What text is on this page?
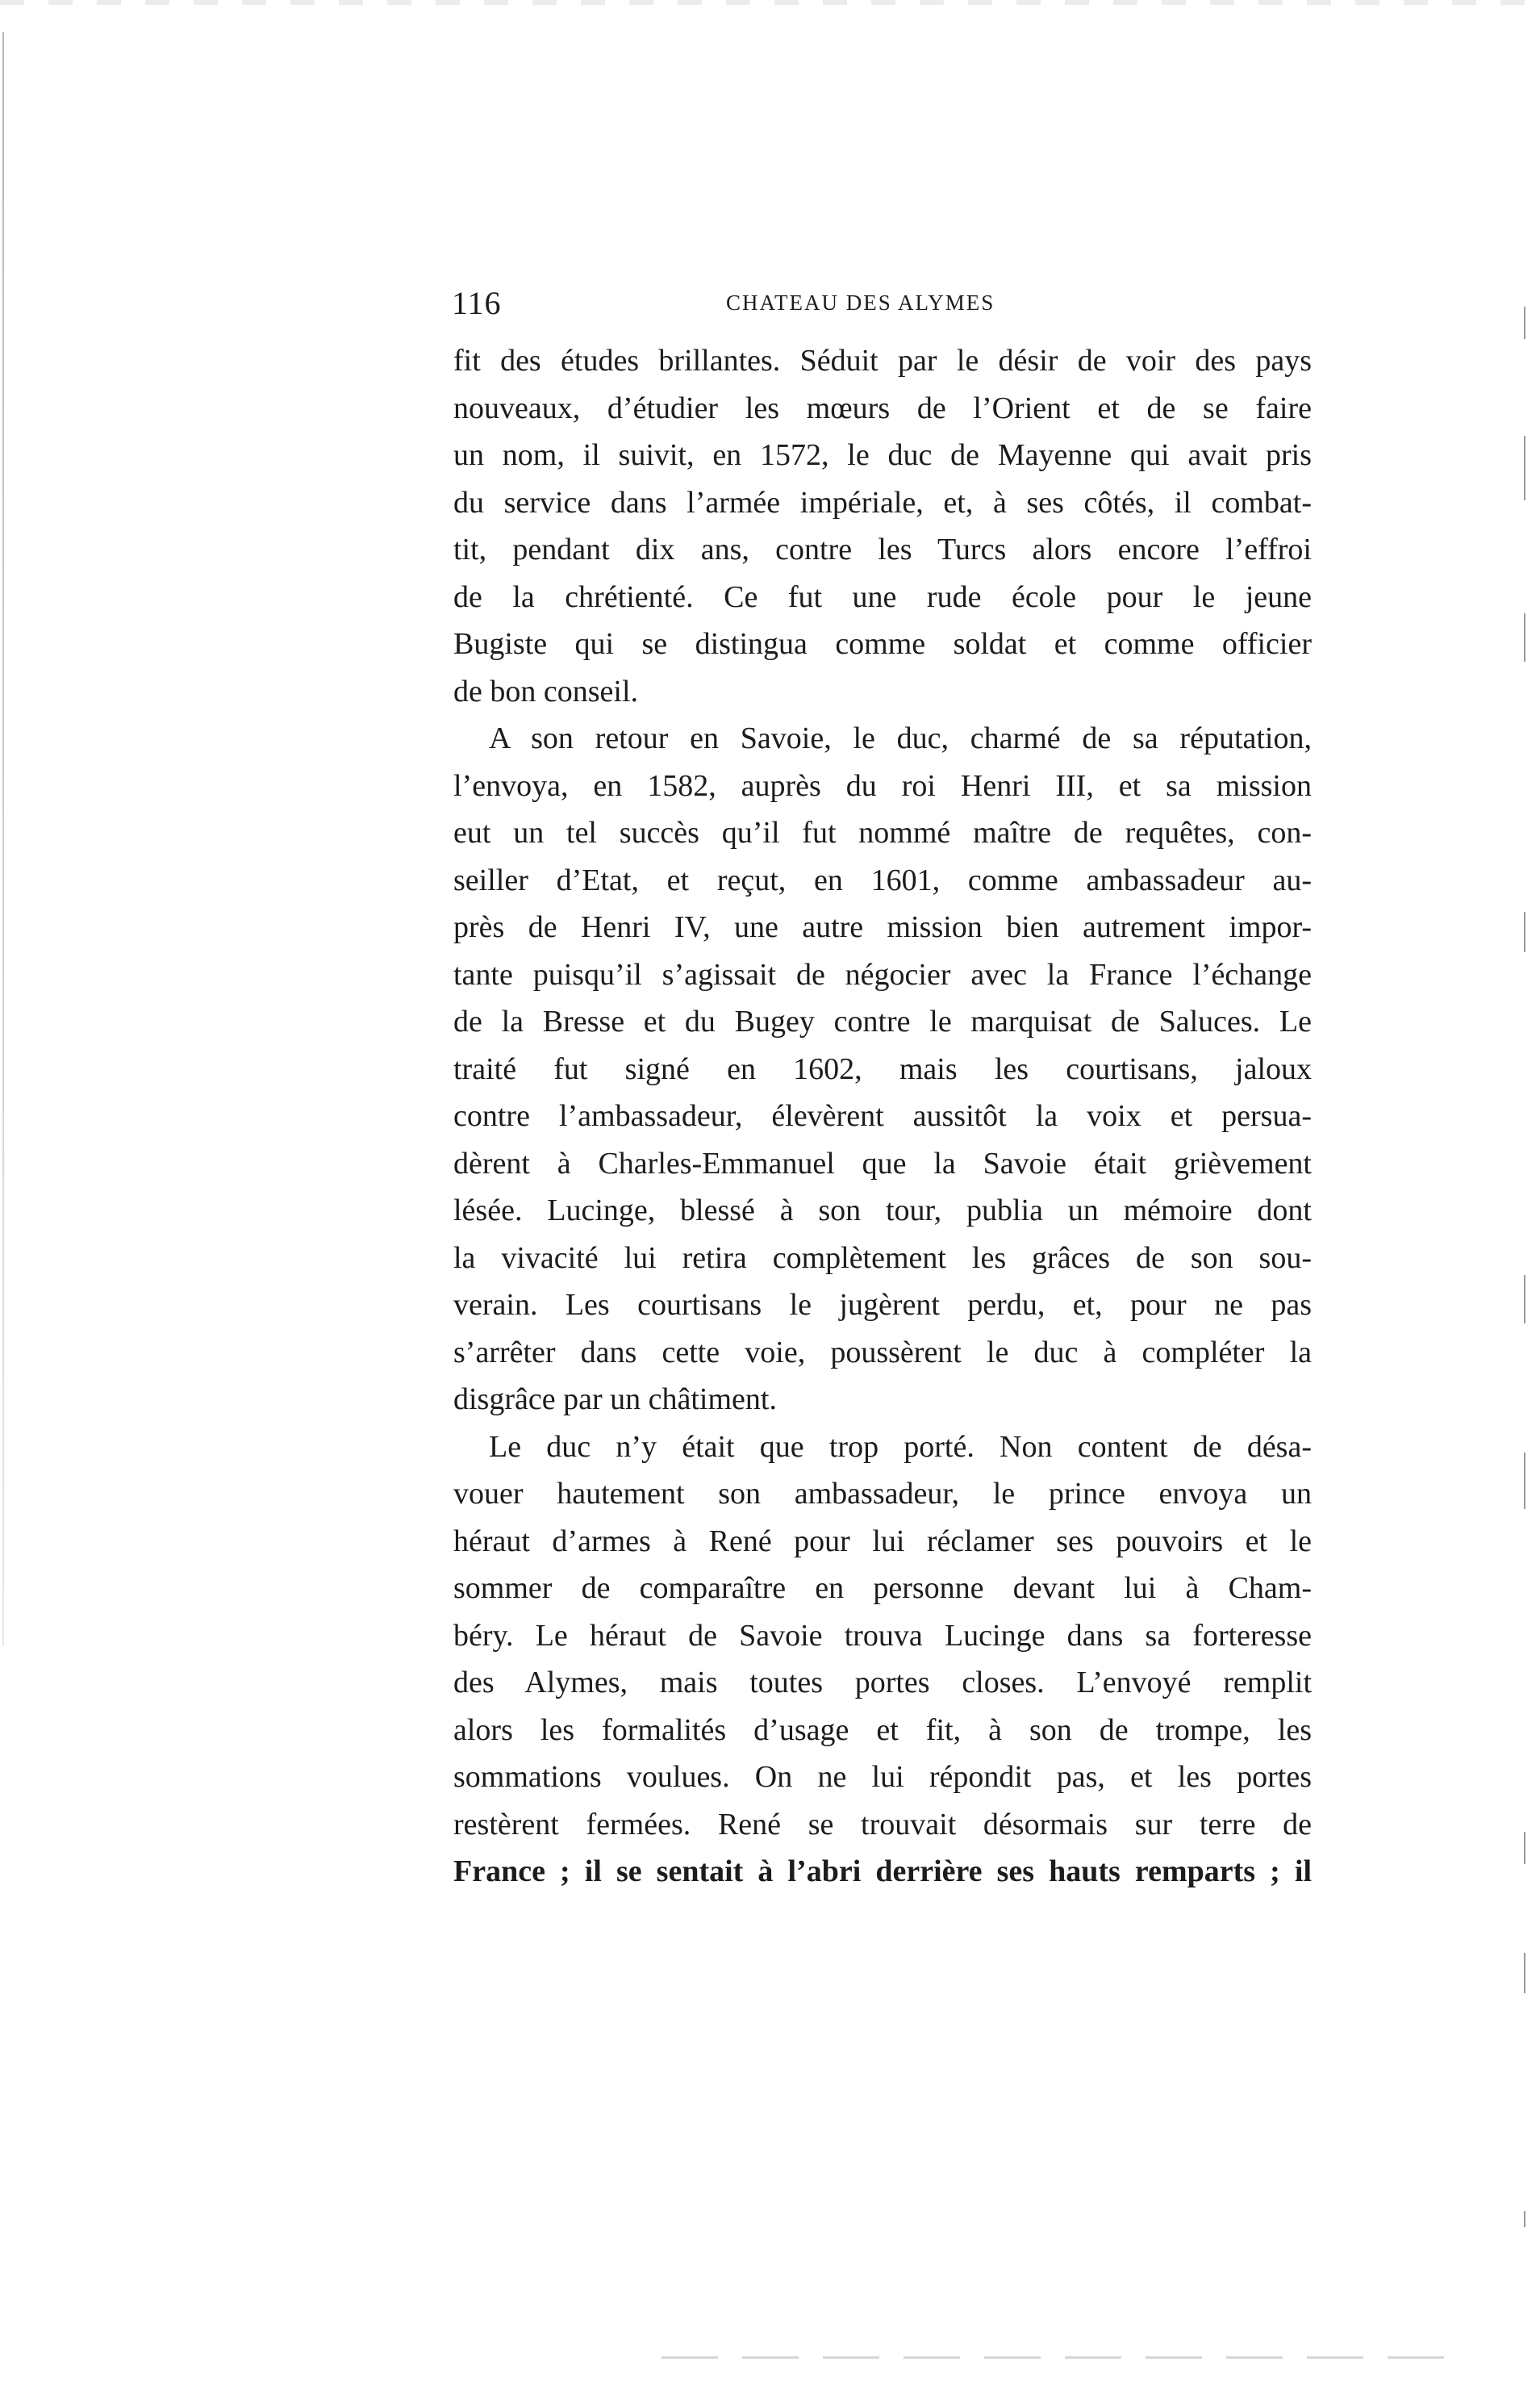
116	CHATEAU DES ALYMES
fit des études brillantes. Séduit par le désir de voir des pays
nouveaux, d’étudier les mœurs de l’Orient et de se faire
un nom, il suivit, en 1572, le duc de Mayenne qui avait pris
du service dans l’armée impériale, et, à ses côtés, il combat-
tit, pendant dix ans, contre les Turcs alors encore l’effroi
de la chrétienté. Ce fut une rude école pour le jeune
Bugiste qui se distingua comme soldat et comme officier
de bon conseil.
A son retour en Savoie, le duc, charmé de sa réputation,
l’envoya, en 1582, auprès du roi Henri III, et sa mission
eut un tel succès qu’il fut nommé maître de requêtes, con-
seiller d’Etat, et reçut, en 1601, comme ambassadeur au-
près de Henri IV, une autre mission bien autrement impor-
tante puisqu’il s’agissait de négocier avec la France l’échange
de la Bresse et du Bugey contre le marquisat de Saluces. Le
traité fut signé en 1602, mais les courtisans, jaloux
contre l’ambassadeur, élevèrent aussitôt la voix et persua-
dèrent à Charles-Emmanuel que la Savoie était grièvement
lésée. Lucinge, blessé à son tour, publia un mémoire dont
la vivacité lui retira complètement les grâces de son sou-
verain. Les courtisans le jugèrent perdu, et, pour ne pas
s’arrêter dans cette voie, poussèrent le duc à compléter la
disgrâce par un châtiment.
Le duc n’y était que trop porté. Non content de désa-
vouer hautement son ambassadeur, le prince envoya un
héraut d’armes à René pour lui réclamer ses pouvoirs et le
sommer de comparaître en personne devant lui à Cham-
béry. Le héraut de Savoie trouva Lucinge dans sa forteresse
des Alymes, mais toutes portes closes. L’envoyé remplit
alors les formalités d’usage et fit, à son de trompe, les
sommations voulues. On ne lui répondit pas, et les portes
restèrent fermées. René se trouvait désormais sur terre de
France ; il se sentait à l’abri derrière ses hauts remparts ; il
